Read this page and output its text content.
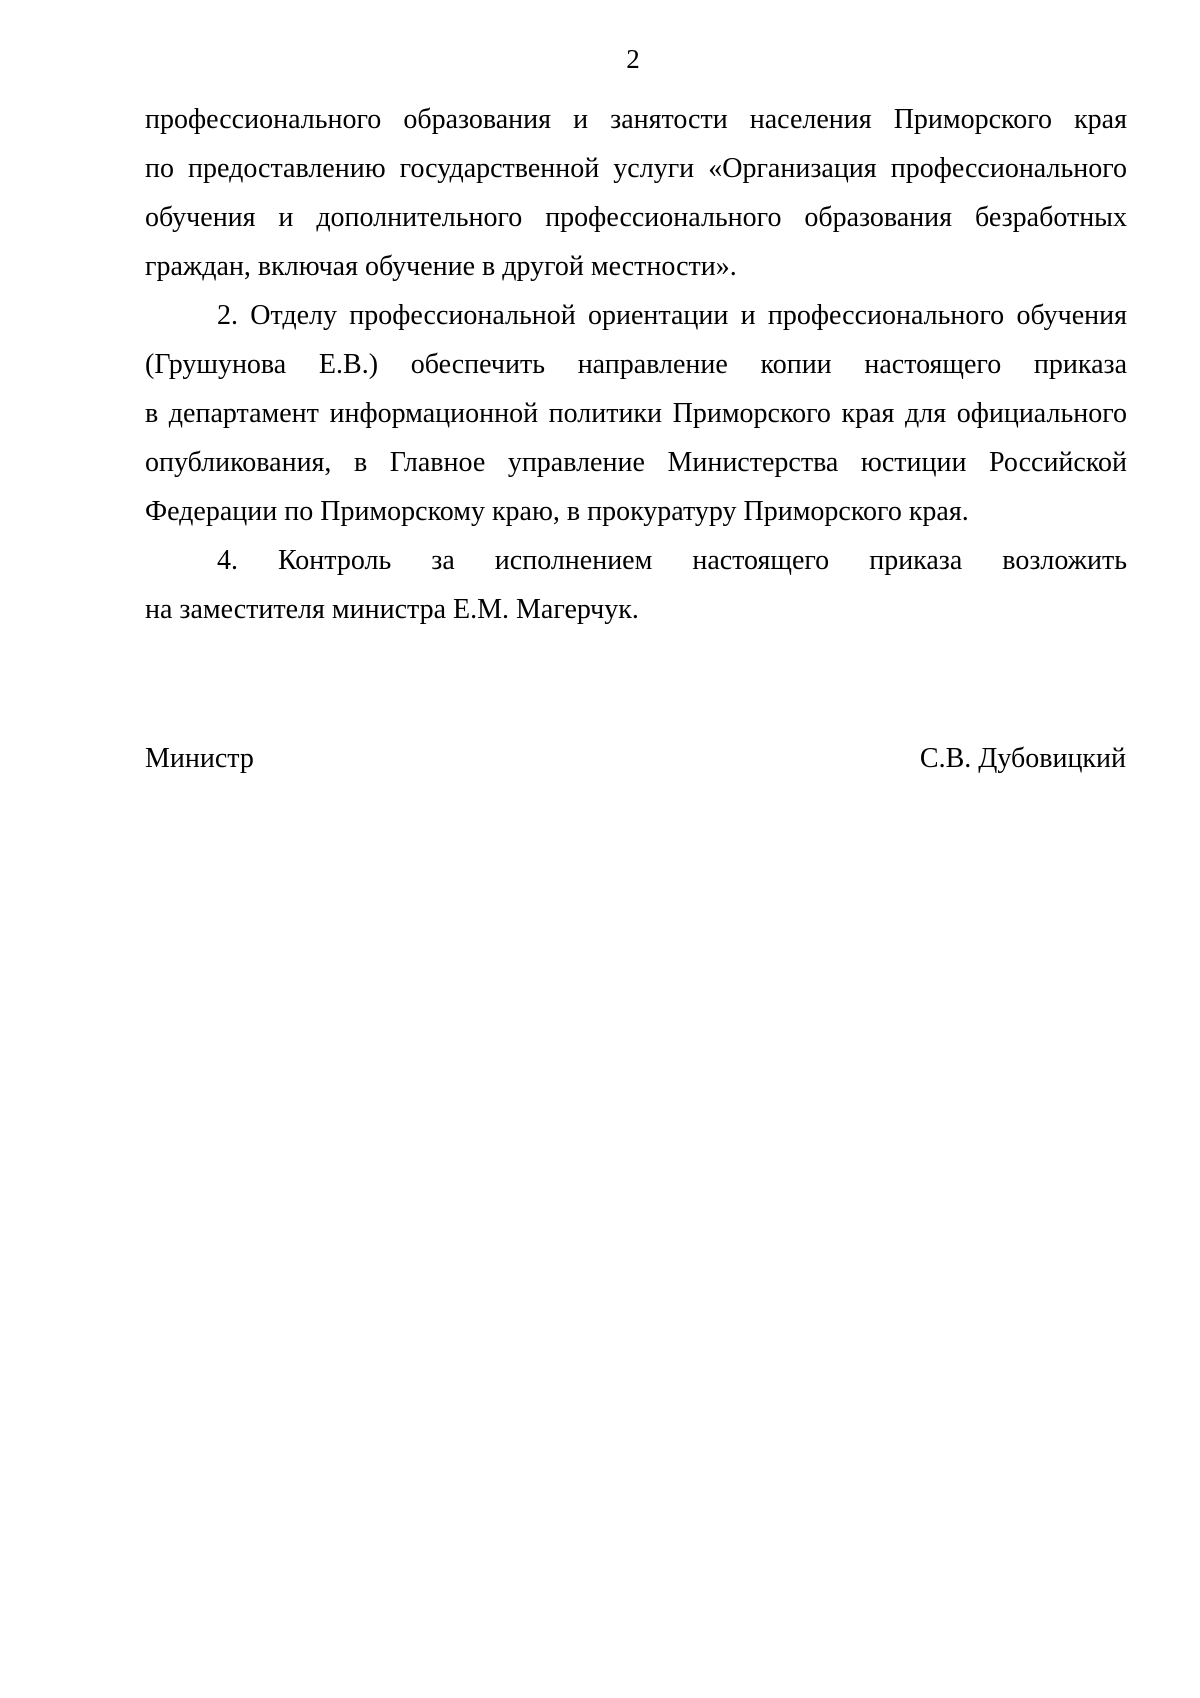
2
профессионального образования и занятости населения Приморского края
по предоставлению государственной услуги «Организация профессионального
обучения и дополнительного профессионального образования безработных
граждан, включая обучение в другой местности».
2. Отделу профессиональной ориентации и профессионального обучения
(Грушунова Е.В.) обеспечить направление копии настоящего приказа
в департамент информационной политики Приморского края для официального
опубликования, в Главное управление Министерства юстиции Российской
Федерации по Приморскому краю, в прокуратуру Приморского края.
4. Контроль за исполнением настоящего приказа возложить
на заместителя министра Е.М. Магерчук.
Министр	С.В. Дубовицкий
